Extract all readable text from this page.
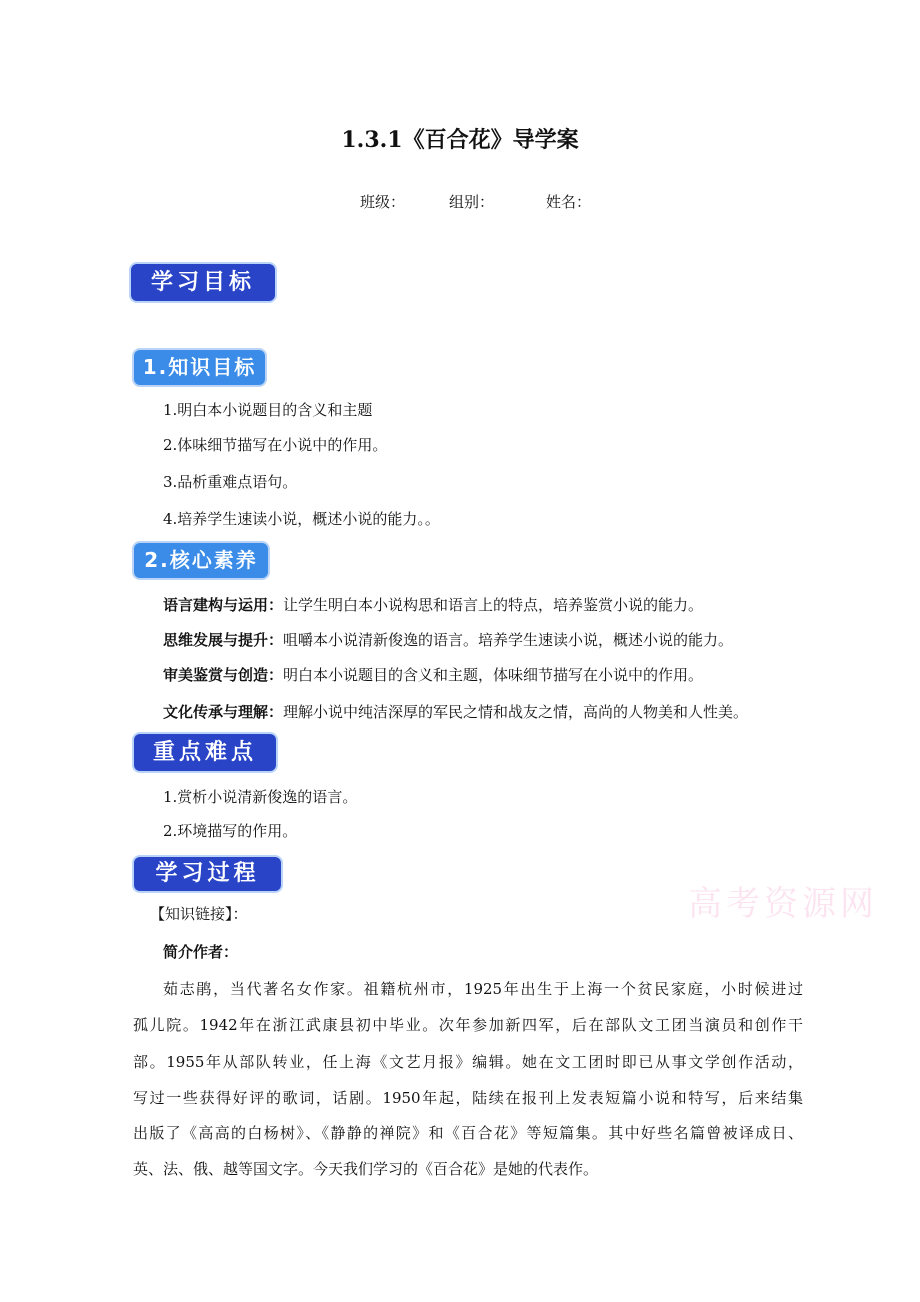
1.3.1《百合花》导学案
班级：	组别：	姓名：
学习目标
1.知识目标
1.明白本小说题目的含义和主题
2.体味细节描写在小说中的作用。
3.品析重难点语句。
4.培养学生速读小说，概述小说的能力。。
2.核心素养
语言建构与运用：让学生明白本小说构思和语言上的特点，培养鉴赏小说的能力。
思维发展与提升：咀嚼本小说清新俊逸的语言。培养学生速读小说，概述小说的能力。
审美鉴赏与创造：明白本小说题目的含义和主题，体味细节描写在小说中的作用。
文化传承与理解：理解小说中纯洁深厚的军民之情和战友之情，高尚的人物美和人性美。
重点难点
1.赏析小说清新俊逸的语言。
2.环境描写的作用。
学习过程
高考资源网
【知识链接】：
简介作者：
茹志鹃，当代著名女作家。祖籍杭州市，1925年出生于上海一个贫民家庭，小时候进过
孤儿院。1942年在浙江武康县初中毕业。次年参加新四军，后在部队文工团当演员和创作干
部。1955年从部队转业，任上海《文艺月报》编辑。她在文工团时即已从事文学创作活动，
写过一些获得好评的歌词，话剧。1950年起，陆续在报刊上发表短篇小说和特写，后来结集
出版了《高高的白杨树》、《静静的禅院》和《百合花》等短篇集。其中好些名篇曾被译成日、
英、法、俄、越等国文字。今天我们学习的《百合花》是她的代表作。
